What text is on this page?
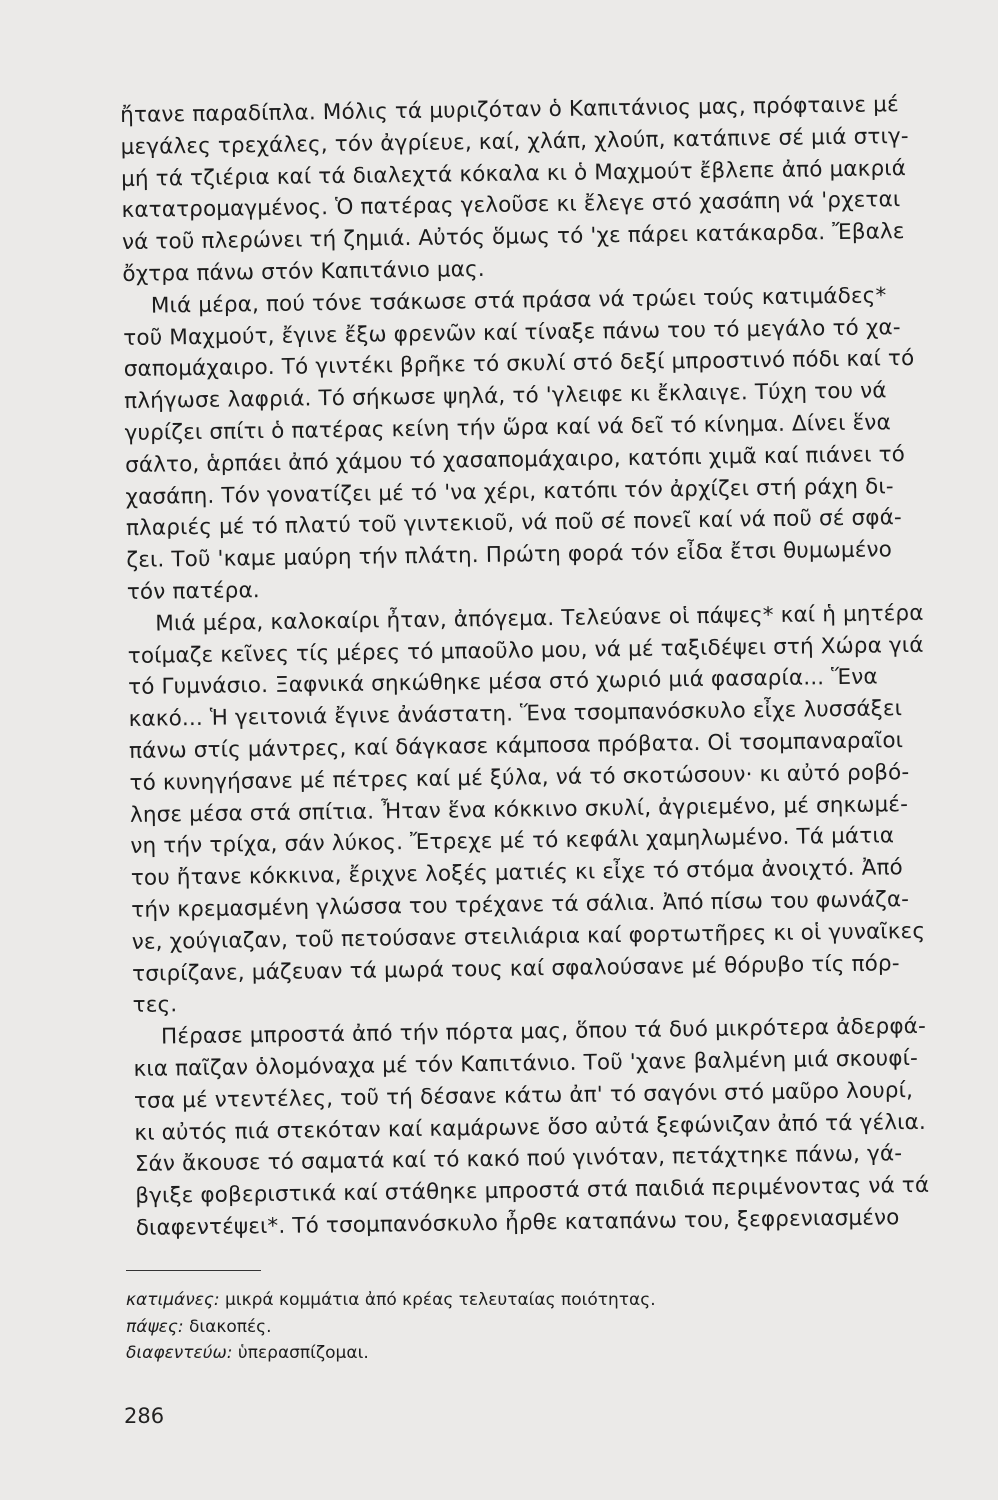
ἤτανε παραδίπλα. Μόλις τά μυριζόταν ὁ Καπιτάνιος μας, πρόφταινε μέ
μεγάλες τρεχάλες, τόν ἀγρίευε, καί, χλάπ, χλούπ, κατάπινε σέ μιά στιγ-
μή τά τζιέρια καί τά διαλεχτά κόκαλα κι ὁ Μαχμούτ ἔβλεπε ἀπό μακριά
κατατρομαγμένος. Ὁ πατέρας γελοῦσε κι ἔλεγε στό χασάπη νά 'ρχεται
νά τοῦ πλερώνει τή ζημιά. Αὐτός ὅμως τό 'χε πάρει κατάκαρδα. Ἔβαλε
ὄχτρα πάνω στόν Καπιτάνιο μας.
Μιά μέρα, πού τόνε τσάκωσε στά πράσα νά τρώει τούς κατιμάδες*
τοῦ Μαχμούτ, ἔγινε ἔξω φρενῶν καί τίναξε πάνω του τό μεγάλο τό χα-
σαπομάχαιρο. Τό γιντέκι βρῆκε τό σκυλί στό δεξί μπροστινό πόδι καί τό
πλήγωσε λαφριά. Τό σήκωσε ψηλά, τό 'γλειφε κι ἔκλαιγε. Τύχη του νά
γυρίζει σπίτι ὁ πατέρας κείνη τήν ὥρα καί νά δεῖ τό κίνημα. Δίνει ἕνα
σάλτο, ἁρπάει ἀπό χάμου τό χασαπομάχαιρο, κατόπι χιμᾶ καί πιάνει τό
χασάπη. Τόν γονατίζει μέ τό 'να χέρι, κατόπι τόν ἀρχίζει στή ράχη δι-
πλαριές μέ τό πλατύ τοῦ γιντεκιοῦ, νά ποῦ σέ πονεῖ καί νά ποῦ σέ σφά-
ζει. Τοῦ 'καμε μαύρη τήν πλάτη. Πρώτη φορά τόν εἶδα ἔτσι θυμωμένο
τόν πατέρα.
Μιά μέρα, καλοκαίρι ἦταν, ἀπόγεμα. Τελεύανε οἱ πάψες* καί ἡ μητέρα
τοίμαζε κεῖνες τίς μέρες τό μπαοῦλο μου, νά μέ ταξιδέψει στή Χώρα γιά
τό Γυμνάσιο. Ξαφνικά σηκώθηκε μέσα στό χωριό μιά φασαρία... Ἕνα
κακό... Ἡ γειτονιά ἔγινε ἀνάστατη. Ἕνα τσομπανόσκυλο εἶχε λυσσάξει
πάνω στίς μάντρες, καί δάγκασε κάμποσα πρόβατα. Οἱ τσομπαναραῖοι
τό κυνηγήσανε μέ πέτρες καί μέ ξύλα, νά τό σκοτώσουν· κι αὐτό ροβό-
λησε μέσα στά σπίτια. Ἦταν ἕνα κόκκινο σκυλί, ἀγριεμένο, μέ σηκωμέ-
νη τήν τρίχα, σάν λύκος. Ἔτρεχε μέ τό κεφάλι χαμηλωμένο. Τά μάτια
του ἤτανε κόκκινα, ἔριχνε λοξές ματιές κι εἶχε τό στόμα ἀνοιχτό. Ἀπό
τήν κρεμασμένη γλώσσα του τρέχανε τά σάλια. Ἀπό πίσω του φωνάζα-
νε, χούγιαζαν, τοῦ πετούσανε στειλιάρια καί φορτωτῆρες κι οἱ γυναῖκες
τσιρίζανε, μάζευαν τά μωρά τους καί σφαλούσανε μέ θόρυβο τίς πόρ-
τες.
Πέρασε μπροστά ἀπό τήν πόρτα μας, ὅπου τά δυό μικρότερα ἀδερφά-
κια παῖζαν ὁλομόναχα μέ τόν Καπιτάνιο. Τοῦ 'χανε βαλμένη μιά σκουφί-
τσα μέ ντεντέλες, τοῦ τή δέσανε κάτω ἀπ' τό σαγόνι στό μαῦρο λουρί,
κι αὐτός πιά στεκόταν καί καμάρωνε ὅσο αὐτά ξεφώνιζαν ἀπό τά γέλια.
Σάν ἄκουσε τό σαματά καί τό κακό πού γινόταν, πετάχτηκε πάνω, γά-
βγιξε φοβεριστικά καί στάθηκε μπροστά στά παιδιά περιμένοντας νά τά
διαφεντέψει*. Τό τσομπανόσκυλο ἦρθε καταπάνω του, ξεφρενιασμένο
κατιμάνες: μικρά κομμάτια ἀπό κρέας τελευταίας ποιότητας.
πάψες: διακοπές.
διαφεντεύω: ὑπερασπίζομαι.
286
